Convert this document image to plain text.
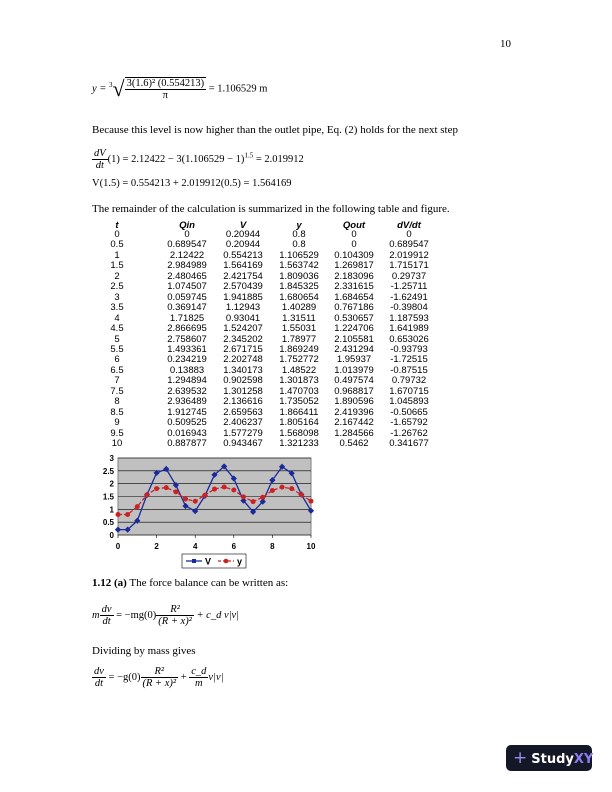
10
$y = ^3√ \frac{\text{3(1.6)² (0.554213)}}{\pi} = 1.106529$ m
Because this level is now higher than the outlet pipe, Eq. (2) holds for the next step
$\frac{dV}{dt} (1) = 2.12422 - 3(1.106529 - 1)^{1.5} = 2.019912$
V(1.5) = 0.554213 + 2.019912(0.5) = 1.564169
The remainder of the calculation is summarized in the following table and figure.
t	Qin	V	y	Qout	dV/dt
0	0	0.20944	0.8	0	0
0.5	0.689547	0.20944	0.8	0	0.689547
1	2.12422	0.554213	1.106529	0.104309	2.019912
1.5	2.984989	1.564169	1.563742	1.269817	1.715171
2	2.480465	2.421754	1.809036	2.183096	0.29737
2.5	1.074507	2.570439	1.845325	2.331615	-1.25711
3	0.059745	1.941885	1.680654	1.684654	-1.62491
3.5	0.369147	1.12943	1.40289	0.767186	-0.39804
4	1.71825	0.93041	1.31511	0.530657	1.187593
4.5	2.866695	1.524207	1.55031	1.224706	1.641989
5	2.758607	2.345202	1.78977	2.105581	0.653026
5.5	1.493361	2.671715	1.869249	2.431294	-0.93793
6	0.234219	2.202748	1.752772	1.95937	-1.72515
6.5	0.13883	1.340173	1.48522	1.013979	-0.87515
7	1.294894	0.902598	1.301873	0.497574	0.79732
7.5	2.639532	1.301258	1.470703	0.968817	1.670715
8	2.936489	2.136616	1.735052	1.890596	1.045893
8.5	1.912745	2.659563	1.866411	2.419396	-0.50665
9	0.509525	2.406237	1.805164	2.167442	-1.65792
9.5	0.016943	1.577279	1.568098	1.284566	-1.26762
10	0.887877	0.943467	1.321233	0.5462	0.341677
0
0.5
1
1.5
2
2.5
3
0	2	4	6	8	10
V	y
1.12 (a) The force balance can be written as:
m $\frac{dv}{dt} = -mg(0) \frac{\text{R²}}{\text{(R + x)²}}$ + c_d v|v|
Dividing by mass gives
$\frac{dv}{dt} = -g(0) \frac{\text{R²}}{\text{(R + x)²}} + \frac{c\_d}{m} v|v|$
+ StudyXY
